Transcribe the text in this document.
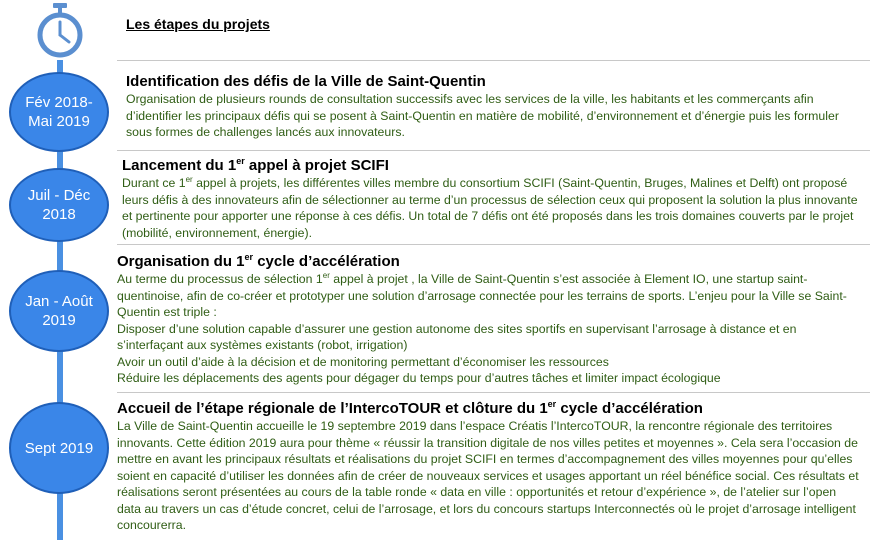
Les étapes du projets
Fév 2018- Mai 2019
Juil - Déc 2018
Jan - Août 2019
Sept 2019
Identification des défis de la Ville de Saint-Quentin

Organisation de plusieurs rounds de consultation successifs avec les services de la ville, les habitants et les commerçants afin d’identifier les principaux défis qui se posent à Saint-Quentin en matière de mobilité, d’environnement et d’énergie puis les formuler sous formes de challenges lancés aux innovateurs.

Lancement du 1er appel à projet SCIFI

Durant ce 1er appel à projets, les différentes villes membre du consortium SCIFI (Saint-Quentin, Bruges, Malines et Delft) ont proposé leurs défis à des innovateurs afin de sélectionner au terme d’un processus de sélection ceux qui proposent la solution la plus innovante et pertinente pour apporter une réponse à ces défis. Un total de 7 défis ont été proposés dans les trois domaines couverts par le projet (mobilité, environnement, énergie).

Organisation du 1er cycle d’accélération

Au terme du processus de sélection 1er appel à projet , la Ville de Saint-Quentin s’est associée à Element IO, une startup saint-quentinoise, afin de co-créer et prototyper une solution d’arrosage connectée pour les terrains de sports. L’enjeu pour la Ville se Saint-Quentin est triple :

Disposer d’une solution capable d’assurer une gestion autonome des sites sportifs en supervisant l’arrosage à distance et en s’interfaçant aux systèmes existants (robot, irrigation)

Avoir un outil d’aide à la décision et de monitoring permettant d’économiser les ressources

Réduire les déplacements des agents pour dégager du temps pour d’autres tâches et limiter impact écologique

Accueil de l’étape régionale de l’IntercoTOUR et clôture du 1er cycle d’accélération

La Ville de Saint-Quentin accueille le 19 septembre 2019 dans l’espace Créatis l’IntercoTOUR, la rencontre régionale des territoires innovants. Cette édition 2019 aura pour thème « réussir la transition digitale de nos villes petites et moyennes ». Cela sera l’occasion de mettre en avant les principaux résultats et réalisations du projet SCIFI en termes d’accompagnement des villes moyennes pour qu’elles soient en capacité d’utiliser les données afin de créer de nouveaux services et usages apportant un réel bénéfice social. Ces résultats et réalisations seront présentées au cours de la table ronde « data en ville : opportunités et retour d’expérience », de l’atelier sur l’open data au travers un cas d’étude concret, celui de l’arrosage, et lors du concours startups Interconnectés où le projet d’arrosage intelligent concourerra.
